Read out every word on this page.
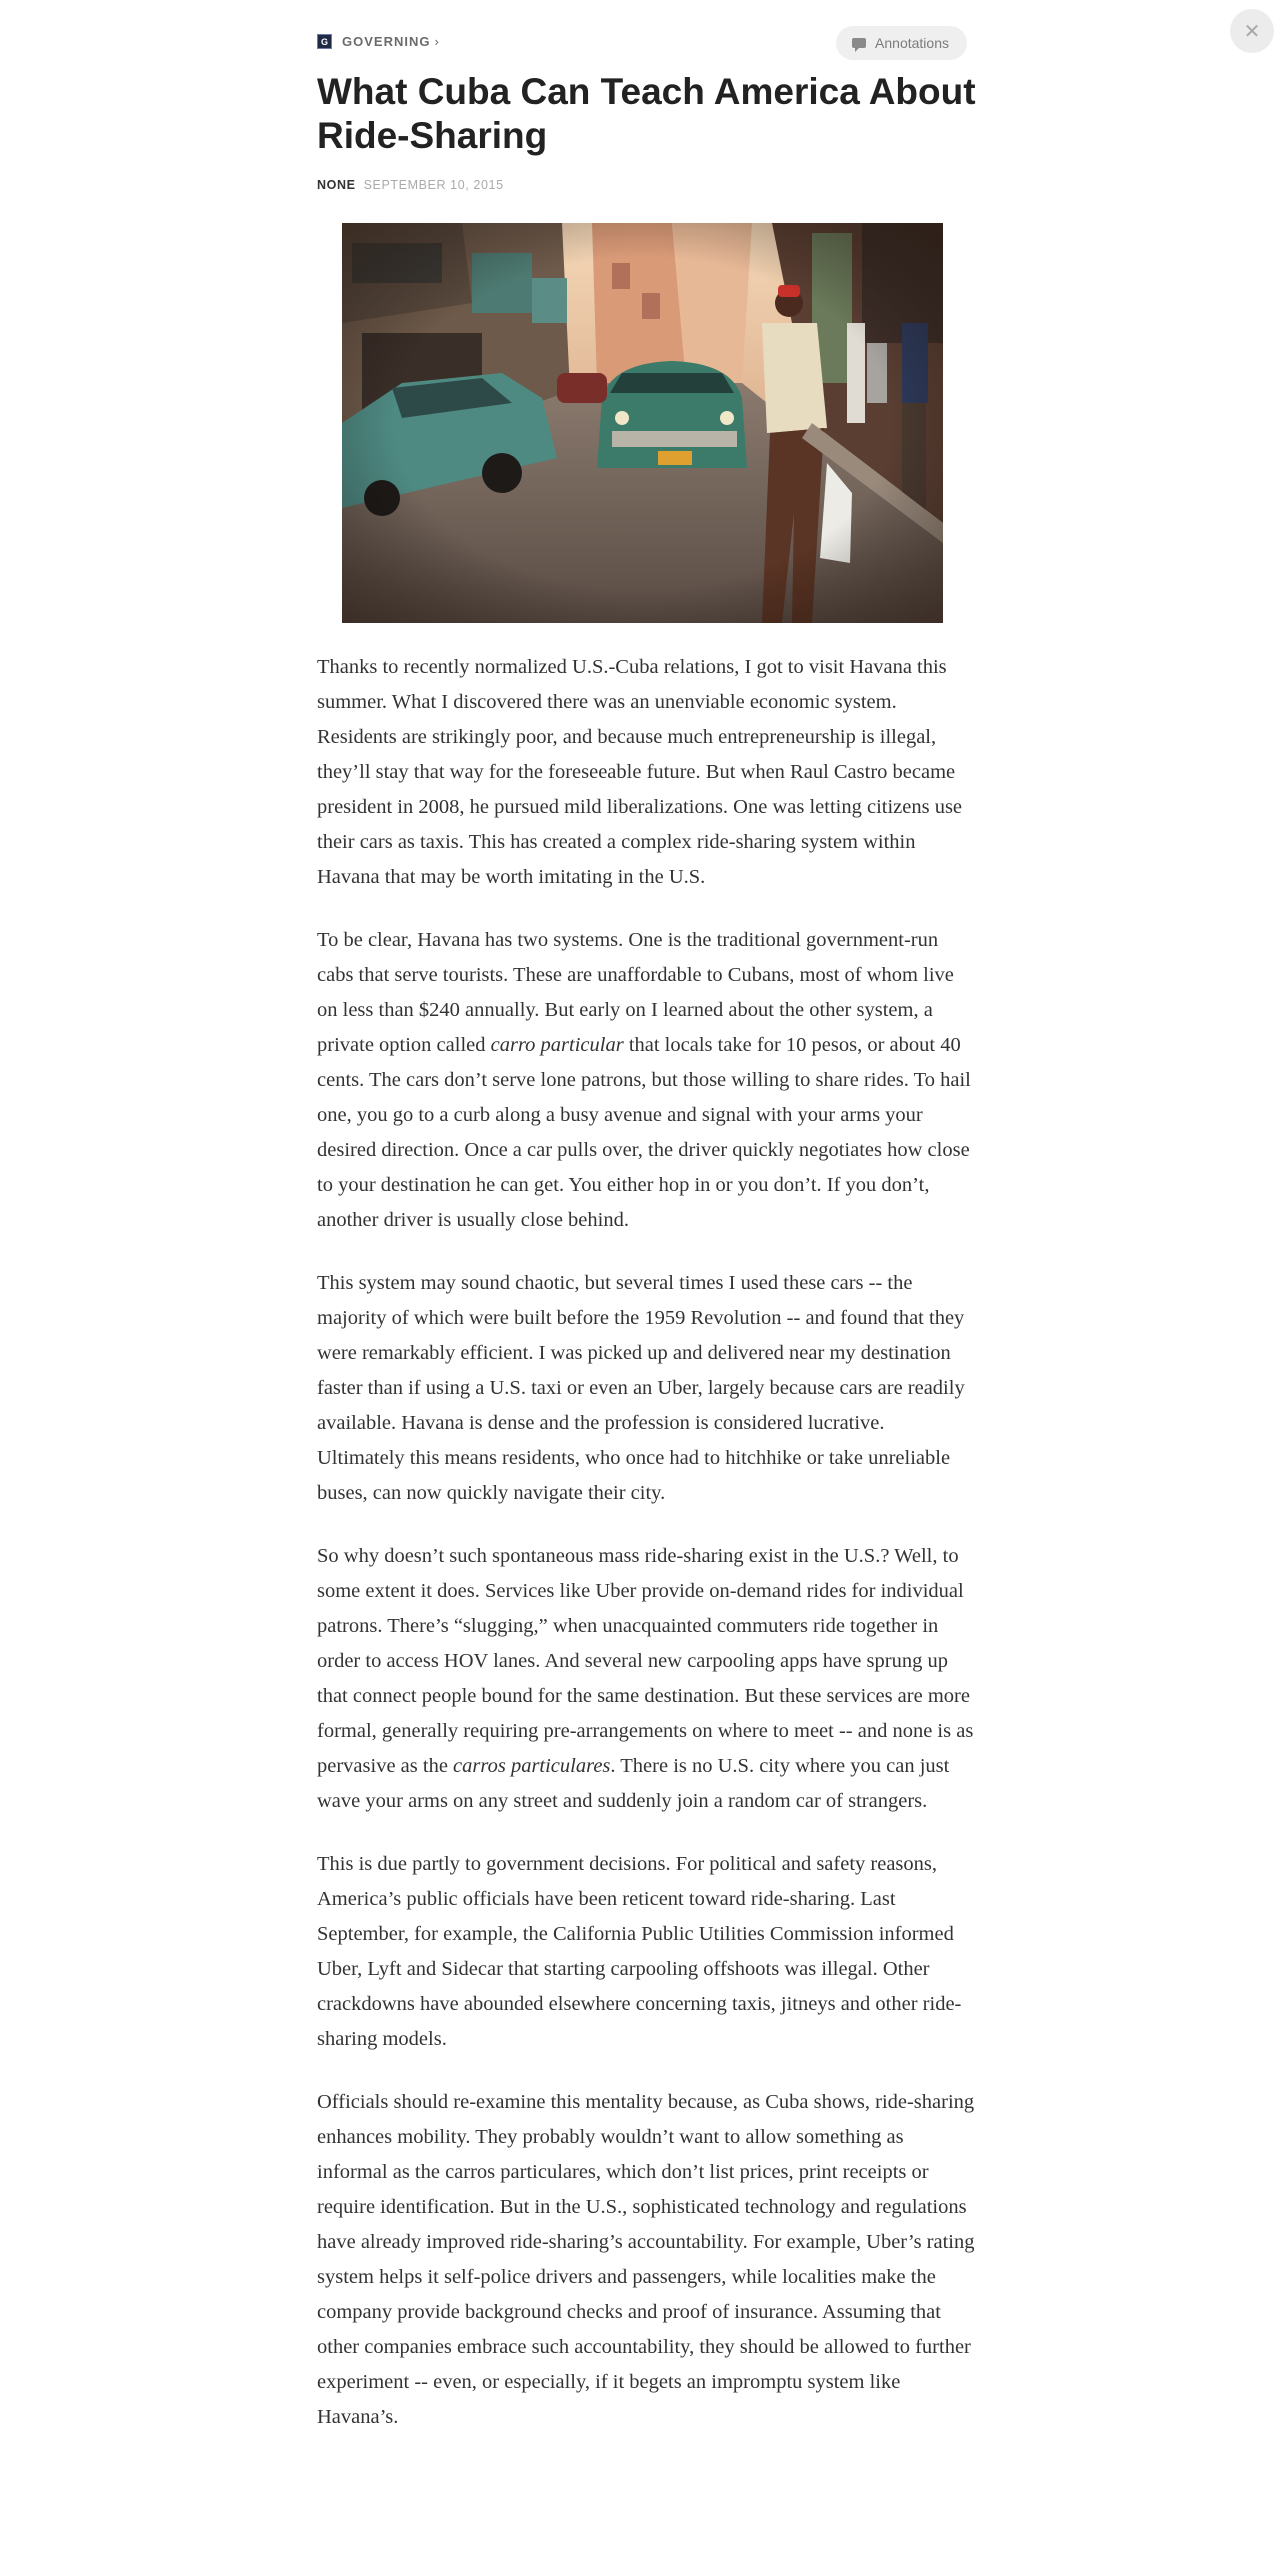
✕
G	GOVERNING ›	Annotations
What Cuba Can Teach America About Ride-Sharing
NONE SEPTEMBER 10, 2015

Thanks to recently normalized U.S.-Cuba relations, I got to visit Havana this summer. What I discovered there was an unenviable economic system. Residents are strikingly poor, and because much entrepreneurship is illegal, they’ll stay that way for the foreseeable future. But when Raul Castro became president in 2008, he pursued mild liberalizations. One was letting citizens use their cars as taxis. This has created a complex ride-sharing system within Havana that may be worth imitating in the U.S.

To be clear, Havana has two systems. One is the traditional government-run cabs that serve tourists. These are unaffordable to Cubans, most of whom live on less than $240 annually. But early on I learned about the other system, a private option called carro particular that locals take for 10 pesos, or about 40 cents. The cars don’t serve lone patrons, but those willing to share rides. To hail one, you go to a curb along a busy avenue and signal with your arms your desired direction. Once a car pulls over, the driver quickly negotiates how close to your destination he can get. You either hop in or you don’t. If you don’t, another driver is usually close behind.

This system may sound chaotic, but several times I used these cars -- the majority of which were built before the 1959 Revolution -- and found that they were remarkably efficient. I was picked up and delivered near my destination faster than if using a U.S. taxi or even an Uber, largely because cars are readily available. Havana is dense and the profession is considered lucrative. Ultimately this means residents, who once had to hitchhike or take unreliable buses, can now quickly navigate their city.

So why doesn’t such spontaneous mass ride-sharing exist in the U.S.? Well, to some extent it does. Services like Uber provide on-demand rides for individual patrons. There’s “slugging,” when unacquainted commuters ride together in order to access HOV lanes. And several new carpooling apps have sprung up that connect people bound for the same destination. But these services are more formal, generally requiring pre-arrangements on where to meet -- and none is as pervasive as the carros particulares. There is no U.S. city where you can just wave your arms on any street and suddenly join a random car of strangers.

This is due partly to government decisions. For political and safety reasons, America’s public officials have been reticent toward ride-sharing. Last September, for example, the California Public Utilities Commission informed Uber, Lyft and Sidecar that starting carpooling offshoots was illegal. Other crackdowns have abounded elsewhere concerning taxis, jitneys and other ride-sharing models.

Officials should re-examine this mentality because, as Cuba shows, ride-sharing enhances mobility. They probably wouldn’t want to allow something as informal as the carros particulares, which don’t list prices, print receipts or require identification. But in the U.S., sophisticated technology and regulations have already improved ride-sharing’s accountability. For example, Uber’s rating system helps it self-police drivers and passengers, while localities make the company provide background checks and proof of insurance. Assuming that other companies embrace such accountability, they should be allowed to further experiment -- even, or especially, if it begets an impromptu system like Havana’s.
